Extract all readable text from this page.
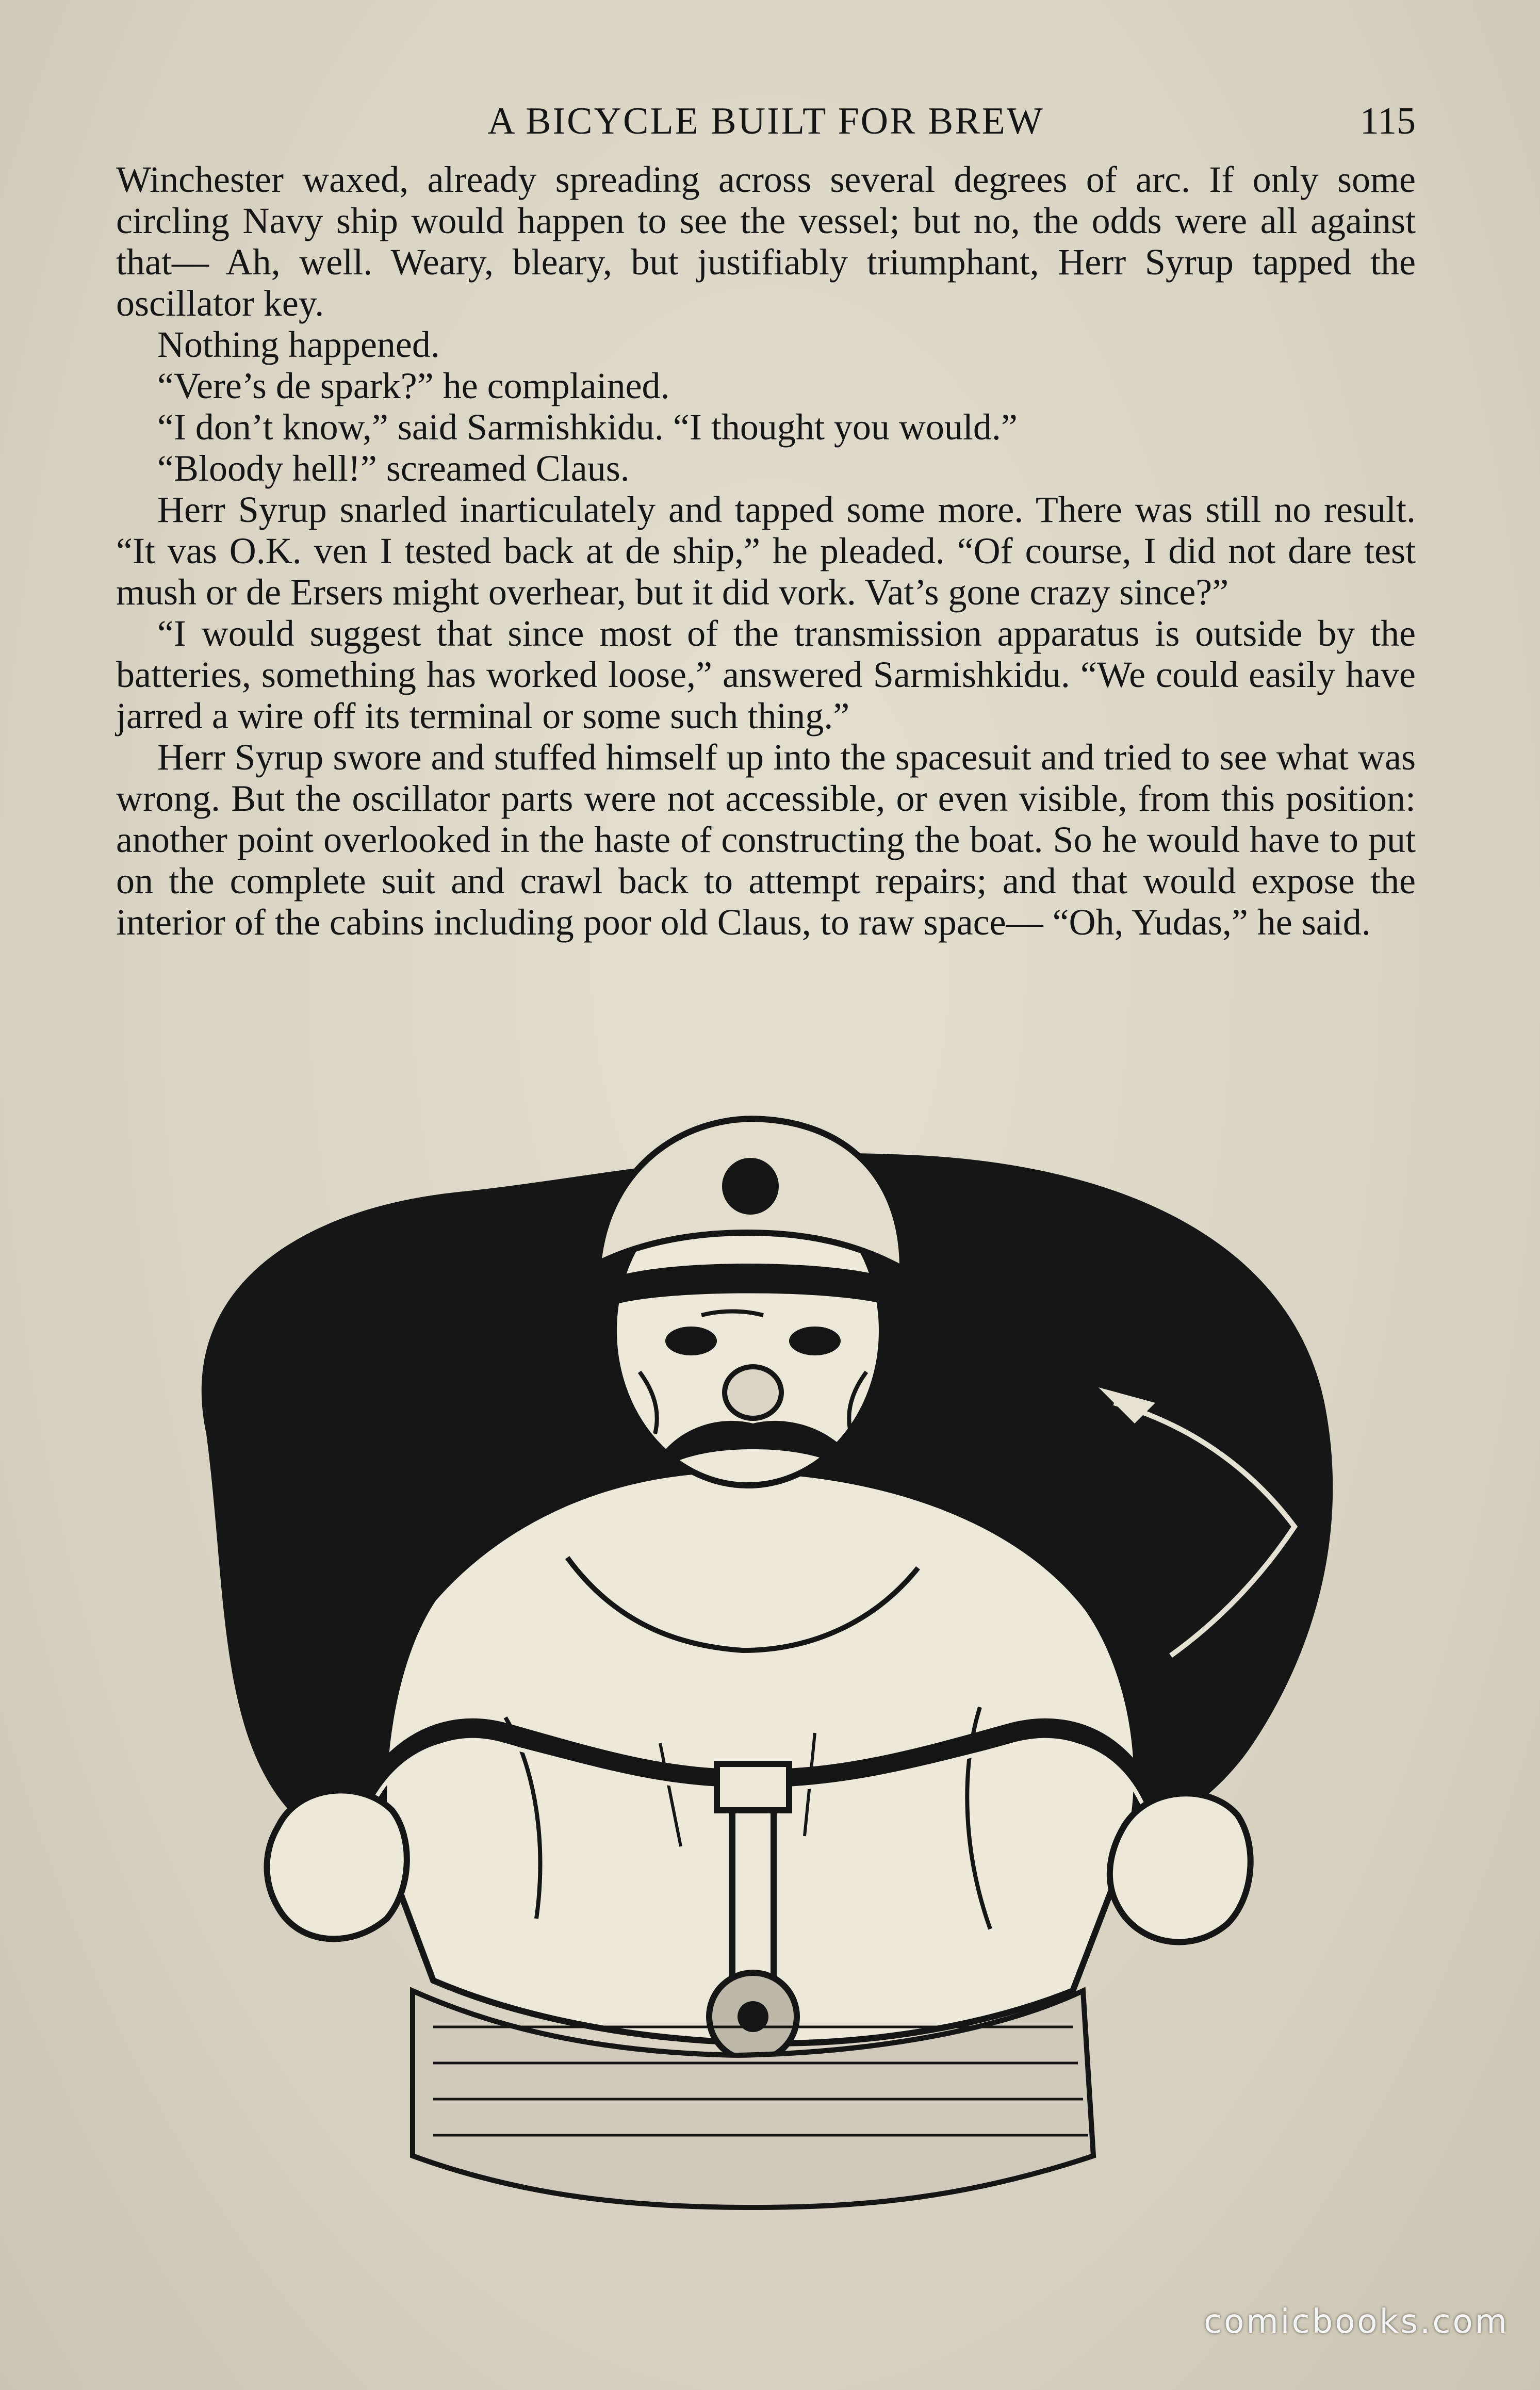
A BICYCLE BUILT FOR BREW	115

Winchester waxed, already spreading across several degrees of arc. If only some circling Navy ship would happen to see the vessel; but no, the odds were all against that— Ah, well. Weary, bleary, but justifiably triumphant, Herr Syrup tapped the oscillator key.

Nothing happened.

“Vere’s de spark?” he complained.

“I don’t know,” said Sarmishkidu. “I thought you would.”

“Bloody hell!” screamed Claus.

Herr Syrup snarled inarticulately and tapped some more. There was still no result. “It vas O.K. ven I tested back at de ship,” he pleaded. “Of course, I did not dare test mush or de Ersers might overhear, but it did vork. Vat’s gone crazy since?”

“I would suggest that since most of the transmission apparatus is outside by the batteries, something has worked loose,” answered Sarmishkidu. “We could easily have jarred a wire off its terminal or some such thing.”

Herr Syrup swore and stuffed himself up into the spacesuit and tried to see what was wrong. But the oscillator parts were not accessible, or even visible, from this position: another point overlooked in the haste of constructing the boat. So he would have to put on the complete suit and crawl back to attempt repairs; and that would expose the interior of the cabins including poor old Claus, to raw space— “Oh, Yudas,” he said.

comicbooks.com
